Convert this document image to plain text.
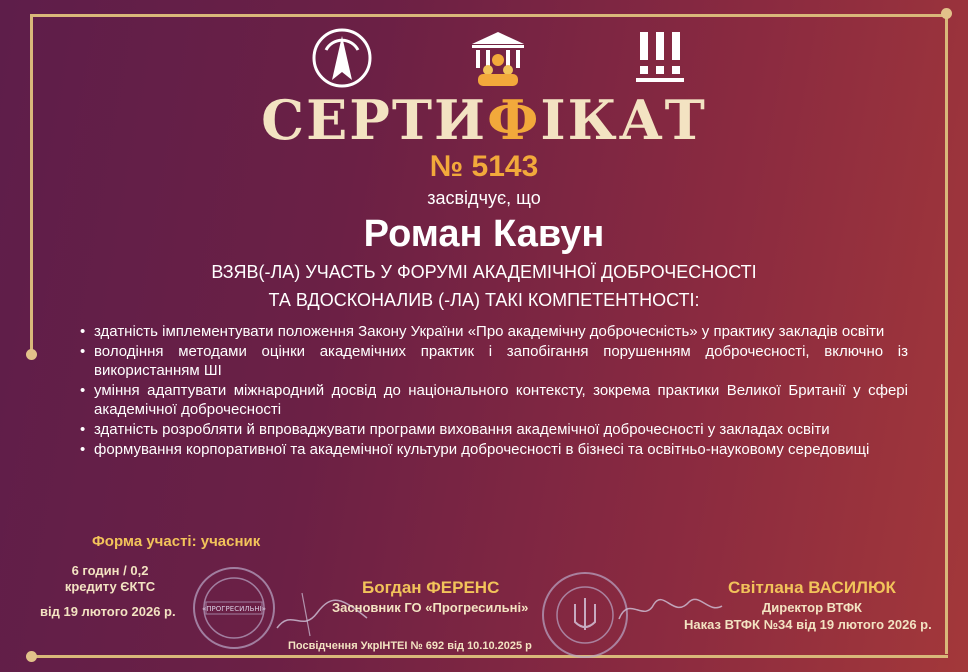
СЕРТИФІКАТ
№ 5143
засвідчує, що
Роман Кавун
ВЗЯВ(-ЛА) УЧАСТЬ У ФОРУМІ АКАДЕМІЧНОЇ ДОБРОЧЕСНОСТІ
ТА ВДОСКОНАЛИВ (-ЛА) ТАКІ КОМПЕТЕНТНОСТІ:
• здатність імплементувати положення Закону України «Про академічну доброчесність» у практику закладів освіти
• володіння методами оцінки академічних практик і запобігання порушенням доброчесності, включно із використанням ШІ
• уміння адаптувати міжнародний досвід до національного контексту, зокрема практики Великої Британії у сфері академічної доброчесності
• здатність розробляти й впроваджувати програми виховання академічної доброчесності у закладах освіти
• формування корпоративної та академічної культури доброчесності в бізнесі та освітньо-науковому середовищі
Форма участі: учасник
6 годин / 0,2
кредиту ЄКТС
від 19 лютого 2026 р.	«ПРОГРЕСИЛЬНІ»
Богдан ФЕРЕНС
Засновник ГО «Прогресильні»
Світлана ВАСИЛЮК
Директор ВТФК
Наказ ВТФК №34 від 19 лютого 2026 р.
Посвідчення УкрІНТЕІ № 692 від 10.10.2025 р
